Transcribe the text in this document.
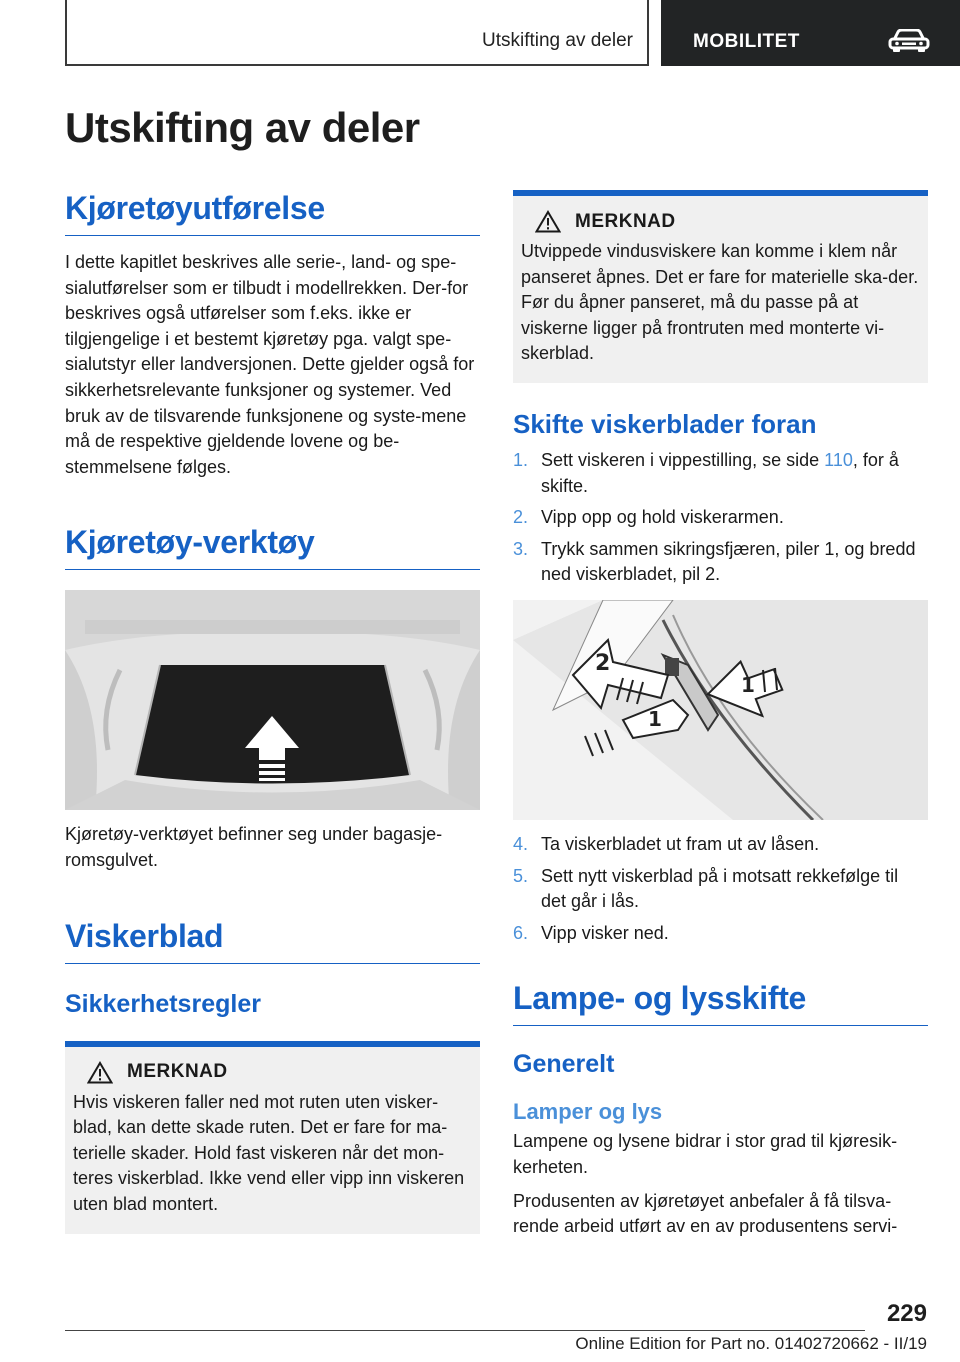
Utskifting av deler	MOBILITET
Utskifting av deler
Kjøretøyutførelse

I dette kapitlet beskrives alle serie-, land- og spe-sialutførelser som er tilbudt i modellrekken. Der-for beskrives også utførelser som f.eks. ikke er tilgjengelige i et bestemt kjøretøy pga. valgt spe-sialutstyr eller landversjonen. Dette gjelder også for sikkerhetsrelevante funksjoner og systemer. Ved bruk av de tilsvarende funksjonene og syste-mene må de respektive gjeldende lovene og be-stemmelsene følges.

Kjøretøy-verktøy

Kjøretøy-verktøyet befinner seg under bagasje-romsgulvet.

Viskerblad
Sikkerhetsregler
MERKNAD

Hvis viskeren faller ned mot ruten uten visker-blad, kan dette skade ruten. Det er fare for ma-terielle skader. Hold fast viskeren når det mon-teres viskerblad. Ikke vend eller vipp inn viskeren uten blad montert.

MERKNAD

Utvippede vindusviskere kan komme i klem når panseret åpnes. Det er fare for materielle ska-der. Før du åpner panseret, må du passe på at viskerne ligger på frontruten med monterte vi-skerblad.

Skifte viskerblader foran
1. Sett viskeren i vippestilling, se side 110, for å skifte.
2. Vipp opp og hold viskerarmen.
3. Trykk sammen sikringsfjæren, piler 1, og bredd ned viskerbladet, pil 2.
2
1
1
4. Ta viskerbladet ut fram ut av låsen.
5. Sett nytt viskerblad på i motsatt rekkefølge til det går i lås.
6. Vipp visker ned.
Lampe- og lysskifte
Generelt
Lamper og lys

Lampene og lysene bidrar i stor grad til kjøresik-kerheten.

Produsenten av kjøretøyet anbefaler å få tilsva-rende arbeid utført av en av produsentens servi-

229
Online Edition for Part no. 01402720662 - II/19
